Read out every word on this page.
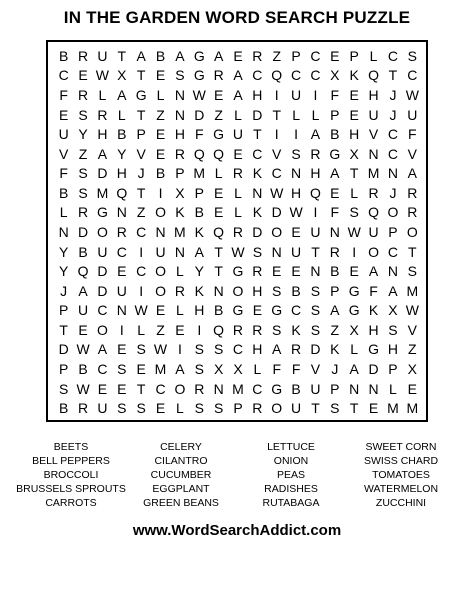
IN THE GARDEN WORD SEARCH PUZZLE
B R U T A B A G A E R Z P C E P L C S
C E W X T E S G R A C Q C C X K Q T C
F R L A G L N W E A H I U I F E H J W
E S R L T Z N D Z L D T L L P E U J U
U Y H B P E H F G U T I	I A B H V C F
V Z A Y V E R Q Q E C V S R G X N C V
F S D H J B P M L R K C N H A T M N A
B S M Q T I X P E L N W H Q E L R J R
L R G N Z O K B E L K D W I F S Q O R
N D O R C N M K Q R D O E U N W U P O
Y B U C I U N A T W S N U T R I O C T
Y Q D E C O L Y T G R E E N B E A N S
J A D U I O R K N O H S B S P G F A M
P U C N W E L H B G E G C S A G K X W
T E O I L Z E I Q R R S K S Z X H S V
D W A E S W I S S C H A R D K L G H Z
P B C S E M A S X X L F F V J A D P X
S W E E T C O R N M C G B U P N N L E
B R U S S E L S S P R O U T S T E M M
BEETS
BELL PEPPERS
BROCCOLI
BRUSSELS SPROUTS
CARROTS
CELERY
CILANTRO
CUCUMBER
EGGPLANT
GREEN BEANS
LETTUCE
ONION
PEAS
RADISHES
RUTABAGA
SWEET CORN
SWISS CHARD
TOMATOES
WATERMELON
ZUCCHINI
www.WordSearchAddict.com
